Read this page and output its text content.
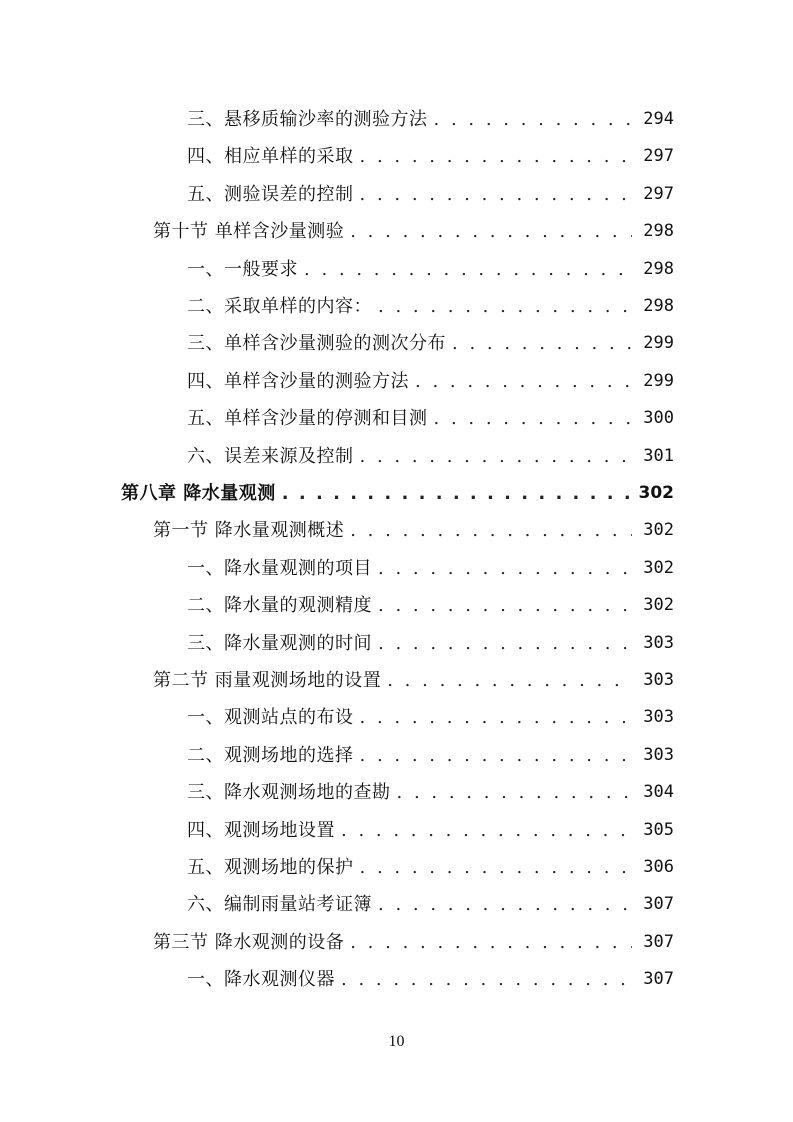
三、悬移质输沙率的测验方法 . . .	294
四、相应单样的采取 . . .	297
五、测验误差的控制 . . .	297
第十节 单样含沙量测验 . . .	298
一、一般要求 . . .	298
二、采取单样的内容： . . .	298
三、单样含沙量测验的测次分布 . . .	299
四、单样含沙量的测验方法 . . .	299
五、单样含沙量的停测和目测 . . .	300
六、误差来源及控制 . . .	301
第八章 降水量观测 . . .	302
第一节 降水量观测概述 . . .	302
一、降水量观测的项目 . . .	302
二、降水量的观测精度 . . .	302
三、降水量观测的时间 . . .	303
第二节 雨量观测场地的设置 . . .	303
一、观测站点的布设 . . .	303
二、观测场地的选择 . . .	303
三、降水观测场地的查勘 . . .	304
四、观测场地设置 . . .	305
五、观测场地的保护 . . .	306
六、编制雨量站考证簿 . . .	307
第三节 降水观测的设备 . . .	307
一、降水观测仪器 . . .	307
10
